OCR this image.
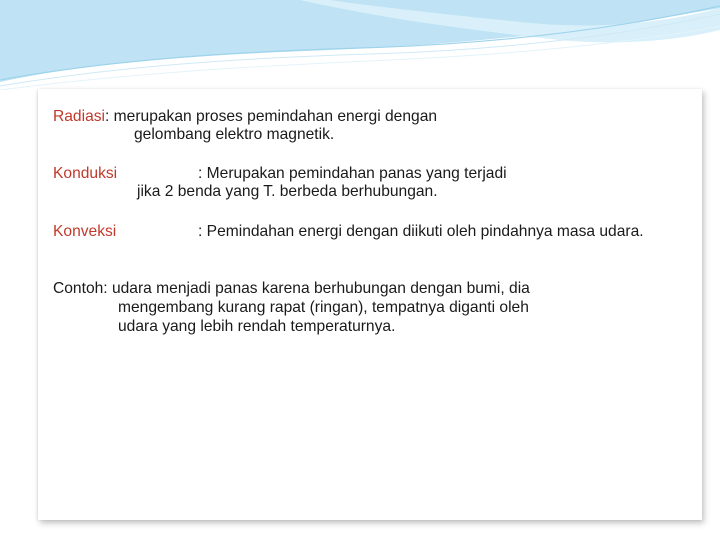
Radiasi: merupakan proses pemindahan energi dengan
gelombang elektro magnetik.
Konduksi	: Merupakan pemindahan panas yang terjadi
jika 2 benda yang T. berbeda berhubungan.
Konveksi	: Pemindahan energi dengan diikuti oleh pindahnya masa udara.
Contoh: udara menjadi panas karena berhubungan dengan bumi, dia
mengembang kurang rapat (ringan), tempatnya diganti oleh
udara yang lebih rendah temperaturnya.
